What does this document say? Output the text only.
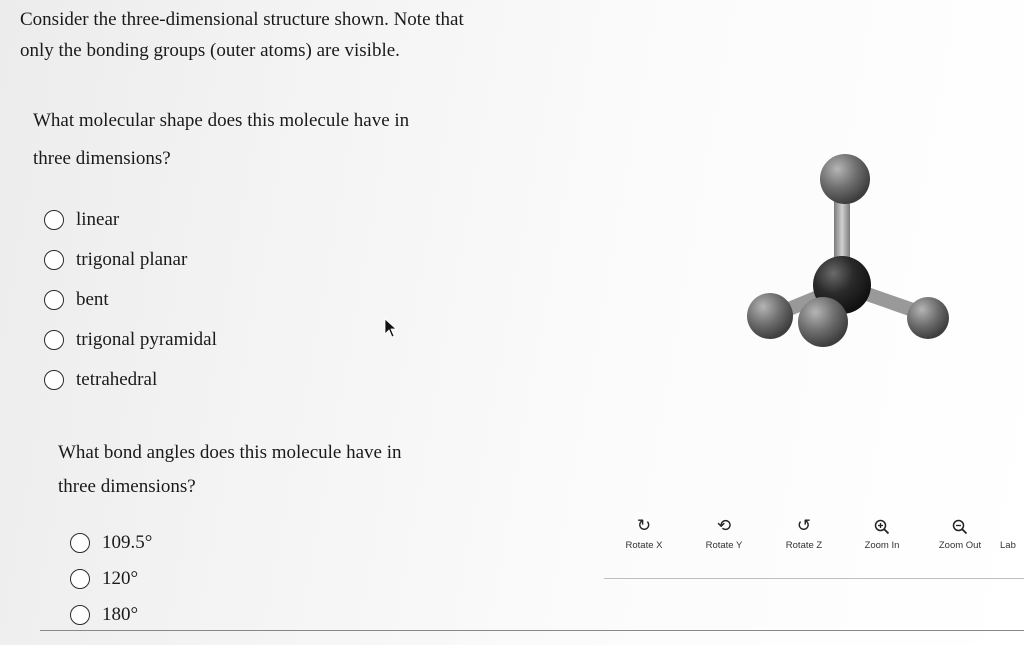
Consider the three-dimensional structure shown. Note that
only the bonding groups (outer atoms) are visible.
What molecular shape does this molecule have in
three dimensions?
linear
trigonal planar
bent
trigonal pyramidal
tetrahedral
What bond angles does this molecule have in
three dimensions?
109.5°
120°
180°
↻
Rotate X
⟲
Rotate Y
↺
Rotate Z	Zoom In	Zoom Out	Lab
